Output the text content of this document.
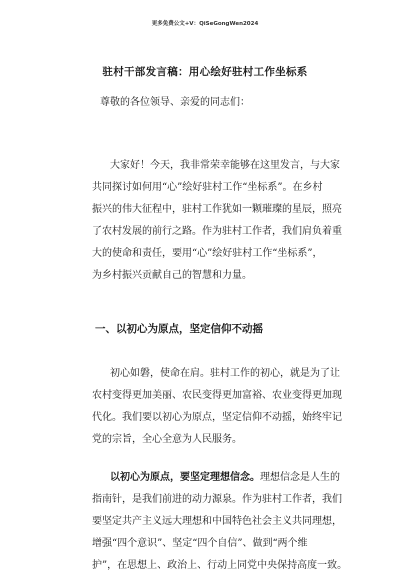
更多免费公文+V：QiSeGongWen2024
驻村干部发言稿：用心绘好驻村工作坐标系
尊敬的各位领导、亲爱的同志们：
大家好！今天，我非常荣幸能够在这里发言，与大家
共同探讨如何用“心”绘好驻村工作“坐标系”。在乡村
振兴的伟大征程中，驻村工作犹如一颗璀璨的星辰，照亮
了农村发展的前行之路。作为驻村工作者，我们肩负着重
大的使命和责任，要用“心”绘好驻村工作“坐标系”，
为乡村振兴贡献自己的智慧和力量。
一、以初心为原点，坚定信仰不动摇
初心如磐，使命在肩。驻村工作的初心，就是为了让
农村变得更加美丽、农民变得更加富裕、农业变得更加现
代化。我们要以初心为原点，坚定信仰不动摇，始终牢记
党的宗旨，全心全意为人民服务。
以初心为原点，要坚定理想信念。理想信念是人生的
指南针，是我们前进的动力源泉。作为驻村工作者，我们
要坚定共产主义远大理想和中国特色社会主义共同理想，
增强“四个意识”、坚定“四个自信”、做到“两个维
护”，在思想上、政治上、行动上同党中央保持高度一致。
